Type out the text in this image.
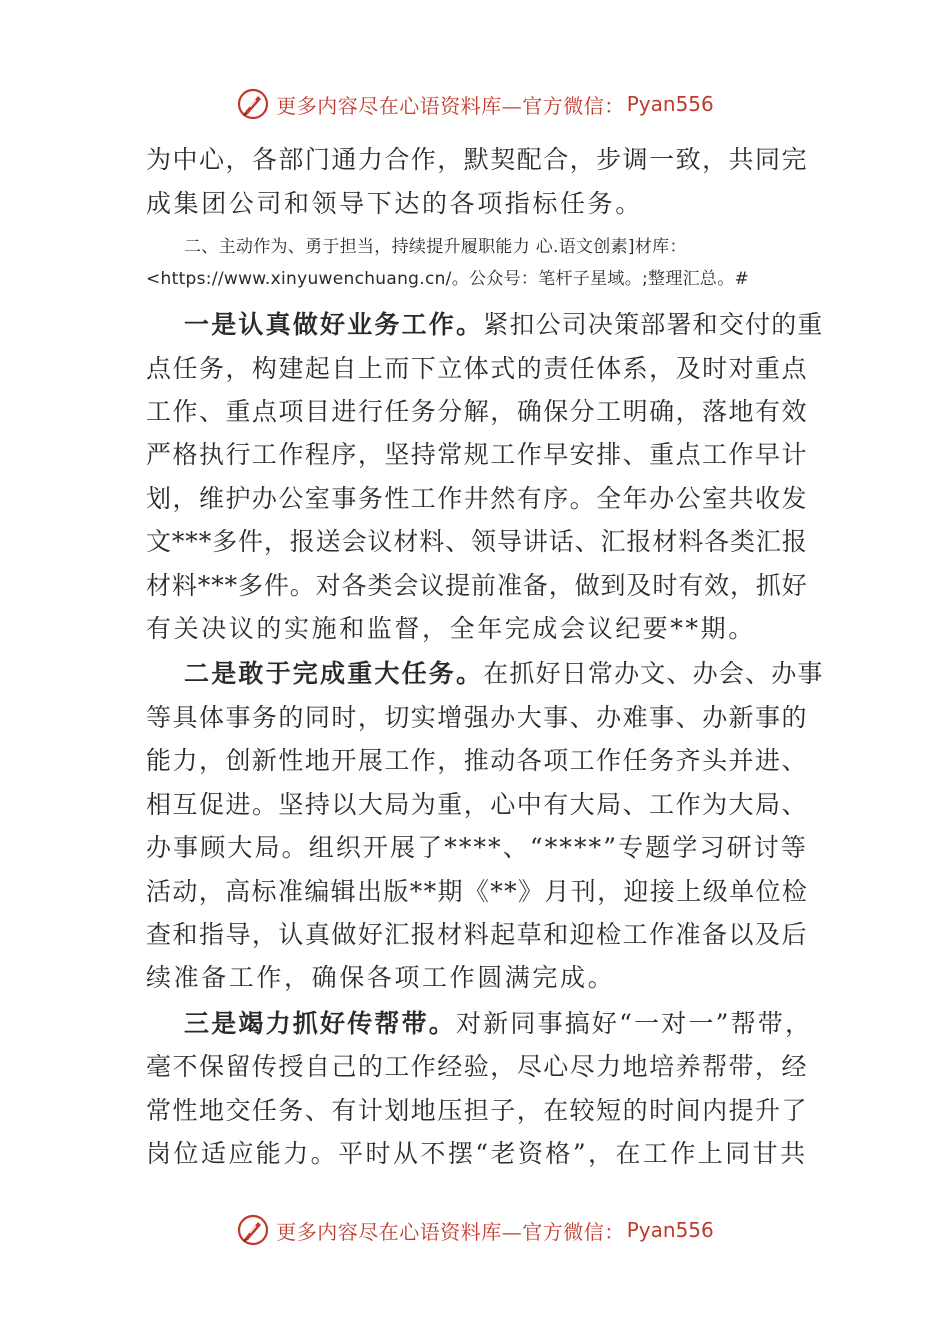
更多内容尽在心语资料库—官方微信： Pyan556
为中心，各部门通力合作，默契配合，步调一致，共同完
成集团公司和领导下达的各项指标任务。
二、主动作为、勇于担当，持续提升履职能力 心.语文创素]材库：
<https://www.xinyuwenchuang.cn/。公众号：笔杆子星域。;整理汇总。#
一是认真做好业务工作。紧扣公司决策部署和交付的重
点任务，构建起自上而下立体式的责任体系，及时对重点
工作、重点项目进行任务分解，确保分工明确，落地有效
严格执行工作程序，坚持常规工作早安排、重点工作早计
划，维护办公室事务性工作井然有序。全年办公室共收发
文***多件，报送会议材料、领导讲话、汇报材料各类汇报
材料***多件。对各类会议提前准备，做到及时有效，抓好
有关决议的实施和监督，全年完成会议纪要**期。
二是敢于完成重大任务。在抓好日常办文、办会、办事
等具体事务的同时，切实增强办大事、办难事、办新事的
能力，创新性地开展工作，推动各项工作任务齐头并进、
相互促进。坚持以大局为重，心中有大局、工作为大局、
办事顾大局。组织开展了****、“****”专题学习研讨等
活动，高标准编辑出版**期《**》月刊，迎接上级单位检
查和指导，认真做好汇报材料起草和迎检工作准备以及后
续准备工作，确保各项工作圆满完成。
三是竭力抓好传帮带。对新同事搞好“一对一”帮带，
毫不保留传授自己的工作经验，尽心尽力地培养帮带，经
常性地交任务、有计划地压担子，在较短的时间内提升了
岗位适应能力。平时从不摆“老资格”，在工作上同甘共
更多内容尽在心语资料库—官方微信： Pyan556
